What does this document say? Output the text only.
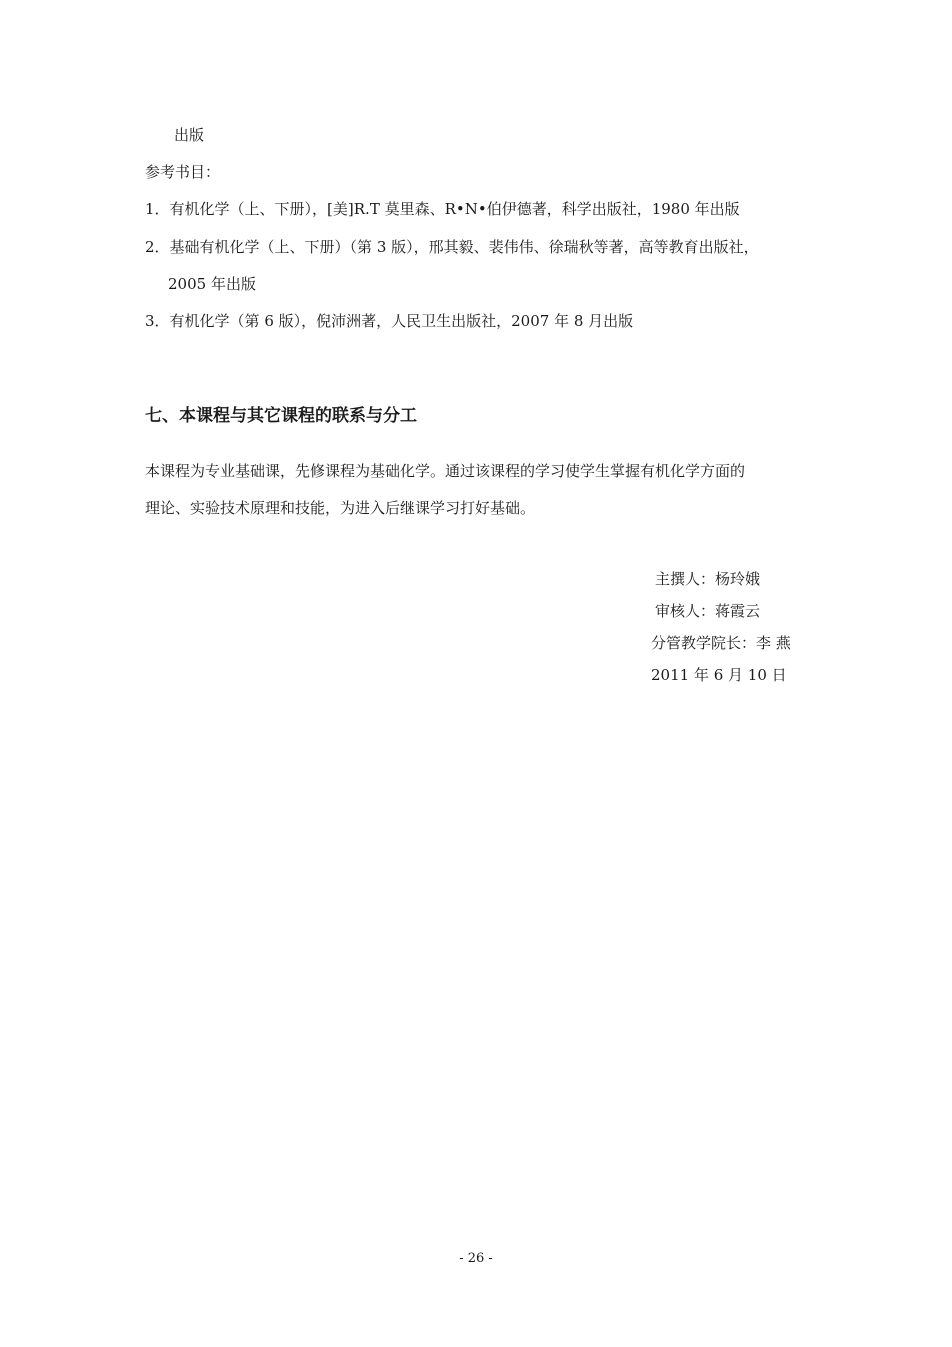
出版
参考书目：
1．有机化学（上、下册），[美]R.T 莫里森、R•N•伯伊德著，科学出版社，1980 年出版
2．基础有机化学（上、下册）（第 3 版），邢其毅、裴伟伟、徐瑞秋等著，高等教育出版社，
2005 年出版
3．有机化学（第 6 版），倪沛洲著，人民卫生出版社，2007 年 8 月出版
七、本课程与其它课程的联系与分工
本课程为专业基础课，先修课程为基础化学。通过该课程的学习使学生掌握有机化学方面的
理论、实验技术原理和技能，为进入后继课学习打好基础。
主撰人：杨玲娥
审核人：蒋霞云
分管教学院长：李 燕
2011 年 6 月 10 日
- 26 -
